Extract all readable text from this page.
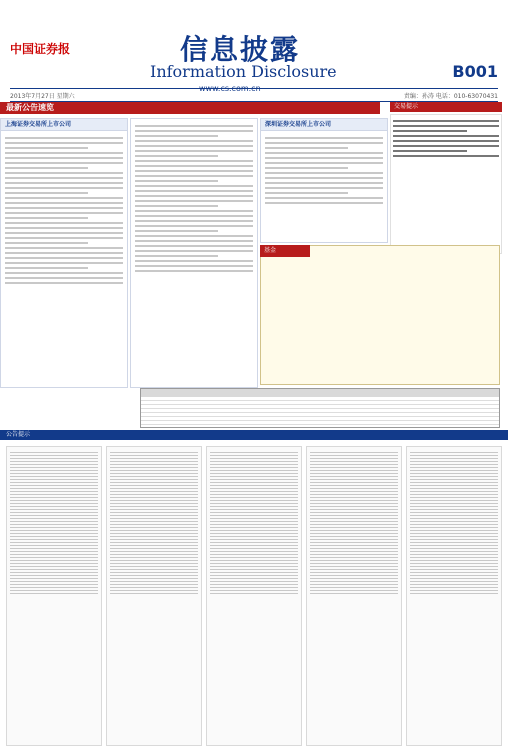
中国证券报	信息披露
Information Disclosure	B001
www.cs.com.cn
2013年7月27日 星期六	责编：孙涛 电话：010-63070431
最新公告速览
上海证券交易所上市公司	深圳证券交易所上市公司
交易提示
基金
公告提示
